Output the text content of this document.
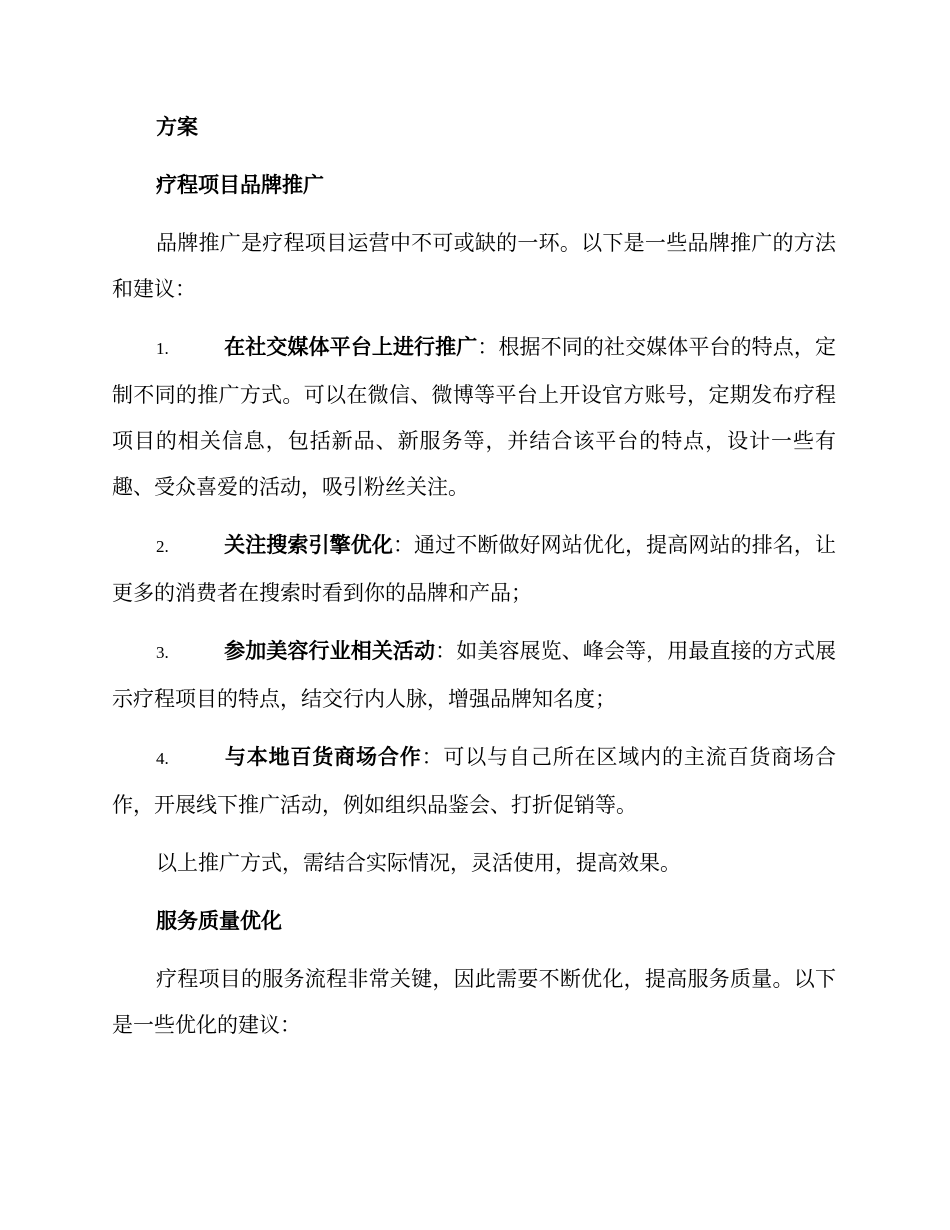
方案
疗程项目品牌推广

品牌推广是疗程项目运营中不可或缺的一环。以下是一些品牌推广的方法和建议：

1.	在社交媒体平台上进行推广：根据不同的社交媒体平台的特点，定制不同的推广方式。可以在微信、微博等平台上开设官方账号，定期发布疗程项目的相关信息，包括新品、新服务等，并结合该平台的特点，设计一些有趣、受众喜爱的活动，吸引粉丝关注。

2.	关注搜索引擎优化：通过不断做好网站优化，提高网站的排名，让更多的消费者在搜索时看到你的品牌和产品；

3.	参加美容行业相关活动：如美容展览、峰会等，用最直接的方式展示疗程项目的特点，结交行内人脉，增强品牌知名度；

4.	与本地百货商场合作：可以与自己所在区域内的主流百货商场合作，开展线下推广活动，例如组织品鉴会、打折促销等。

以上推广方式，需结合实际情况，灵活使用，提高效果。

服务质量优化

疗程项目的服务流程非常关键，因此需要不断优化，提高服务质量。以下是一些优化的建议：
